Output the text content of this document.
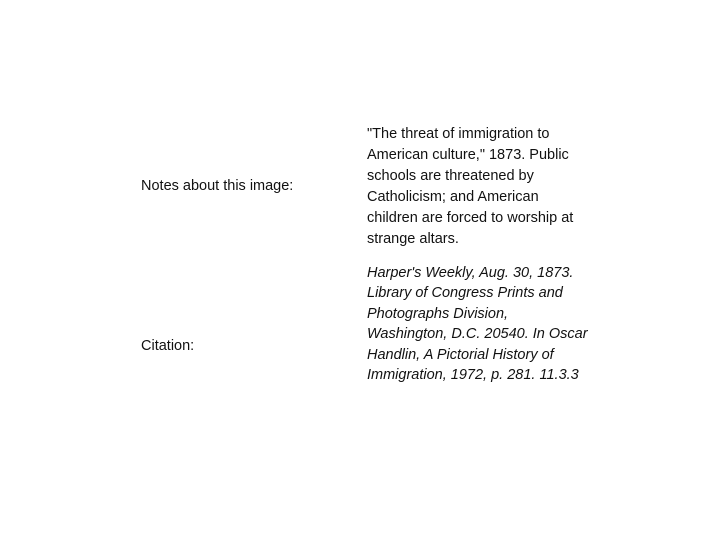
Notes about this image:
"The threat of immigration to American culture," 1873. Public schools are threatened by Catholicism; and American children are forced to worship at strange altars.
Citation:
Harper's Weekly, Aug. 30, 1873. Library of Congress Prints and Photographs Division, Washington, D.C. 20540. In Oscar Handlin, A Pictorial History of Immigration, 1972, p. 281. 11.3.3
